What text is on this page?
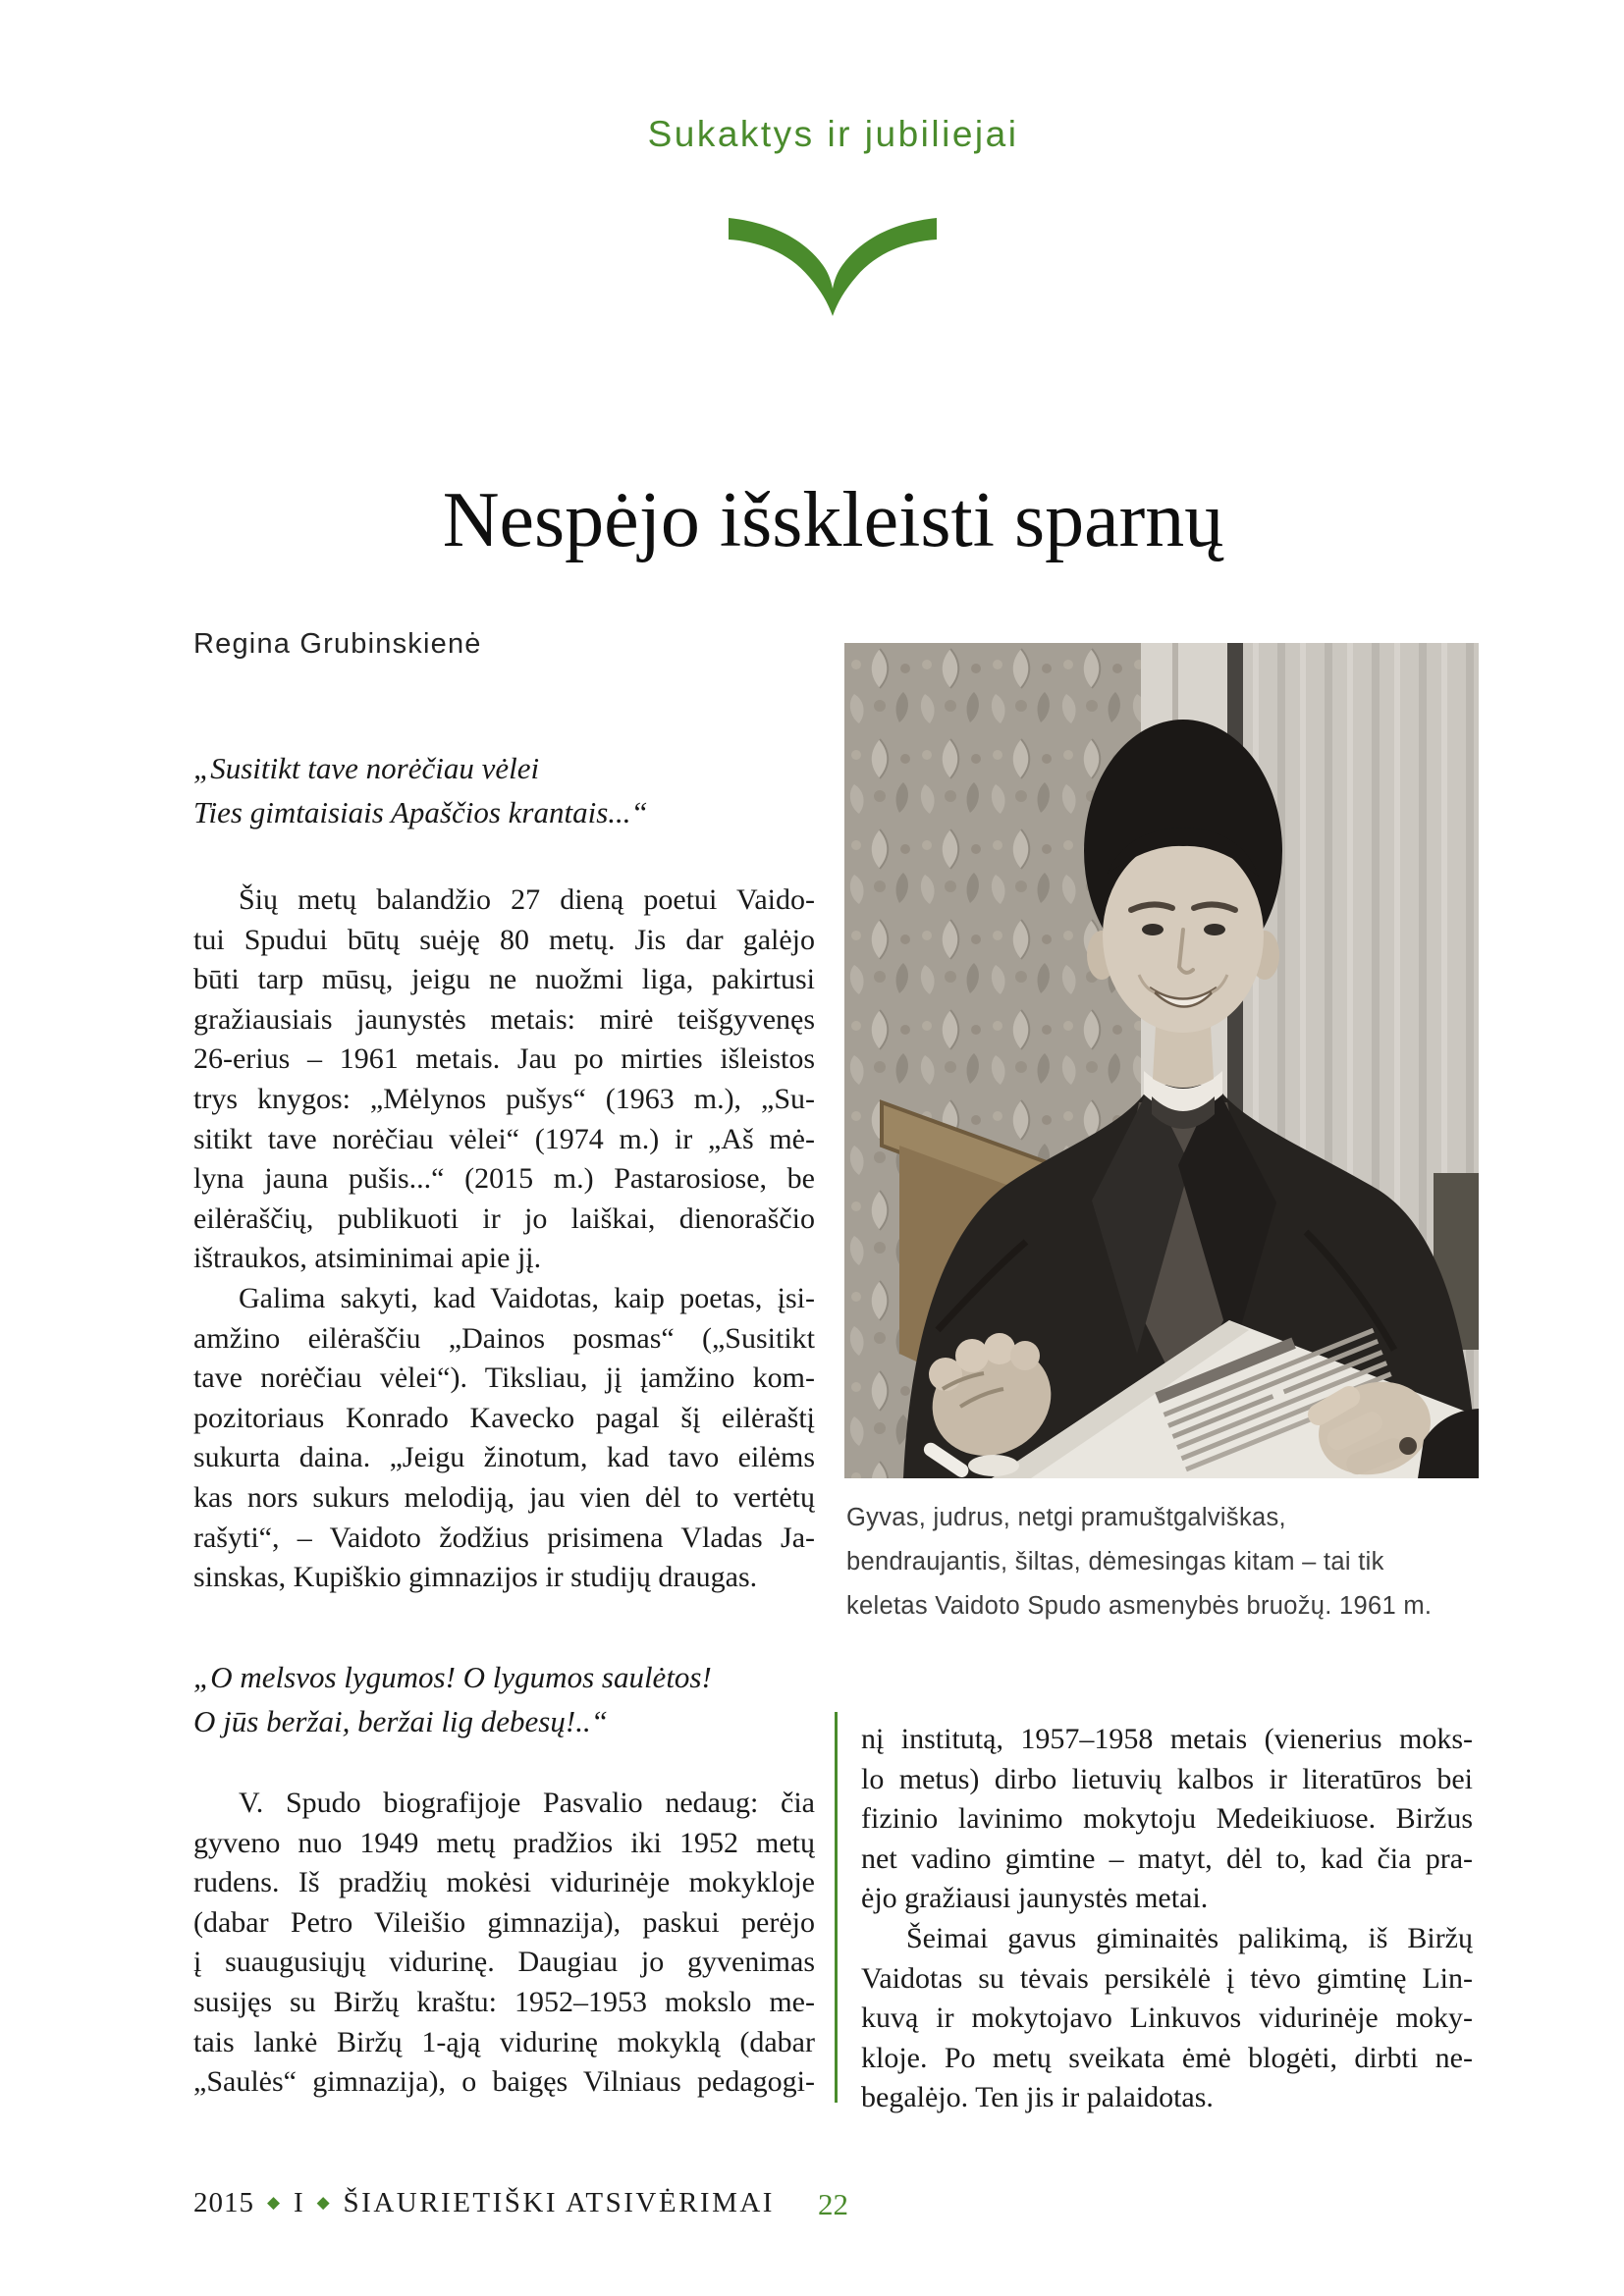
Sukaktys ir jubiliejai
Nespėjo išskleisti sparnų
Regina Grubinskienė
„Susitikt tave norėčiau vėlei
Ties gimtaisiais Apaščios krantais...“
Šių metų balandžio 27 dieną poetui Vaido-
tui Spudui būtų suėję 80 metų. Jis dar galėjo
būti tarp mūsų, jeigu ne nuožmi liga, pakirtusi
gražiausiais jaunystės metais: mirė teišgyvenęs
26-erius – 1961 metais. Jau po mirties išleistos
trys knygos: „Mėlynos pušys“ (1963 m.), „Su-
sitikt tave norėčiau vėlei“ (1974 m.) ir „Aš mė-
lyna jauna pušis...“ (2015 m.) Pastarosiose, be
eilėraščių, publikuoti ir jo laiškai, dienoraščio
ištraukos, atsiminimai apie jį.
Galima sakyti, kad Vaidotas, kaip poetas, įsi-
amžino eilėraščiu „Dainos posmas“ („Susitikt
tave norėčiau vėlei“). Tiksliau, jį įamžino kom-
pozitoriaus Konrado Kavecko pagal šį eilėraštį
sukurta daina. „Jeigu žinotum, kad tavo eilėms
kas nors sukurs melodiją, jau vien dėl to vertėtų
rašyti“, – Vaidoto žodžius prisimena Vladas Ja-
sinskas, Kupiškio gimnazijos ir studijų draugas.
„O melsvos lygumos! O lygumos saulėtos!
O jūs beržai, beržai lig debesų!..“
V. Spudo biografijoje Pasvalio nedaug: čia
gyveno nuo 1949 metų pradžios iki 1952 metų
rudens. Iš pradžių mokėsi vidurinėje mokykloje
(dabar Petro Vileišio gimnazija), paskui perėjo
į suaugusiųjų vidurinę. Daugiau jo gyvenimas
susijęs su Biržų kraštu: 1952–1953 mokslo me-
tais lankė Biržų 1-ąją vidurinę mokyklą (dabar
„Saulės“ gimnazija), o baigęs Vilniaus pedagogi-
Gyvas, judrus, netgi pramuštgalviškas,
bendraujantis, šiltas, dėmesingas kitam – tai tik
keletas Vaidoto Spudo asmenybės bruožų. 1961 m.
nį institutą, 1957–1958 metais (vienerius moks-
lo metus) dirbo lietuvių kalbos ir literatūros bei
fizinio lavinimo mokytoju Medeikiuose. Biržus
net vadino gimtine – matyt, dėl to, kad čia pra-
ėjo gražiausi jaunystės metai.
Šeimai gavus giminaitės palikimą, iš Biržų
Vaidotas su tėvais persikėlė į tėvo gimtinę Lin-
kuvą ir mokytojavo Linkuvos vidurinėje moky-
kloje. Po metų sveikata ėmė blogėti, dirbti ne-
begalėjo. Ten jis ir palaidotas.
2015 ◆ I ◆ ŠIAURIETIŠKI ATSIVĖRIMAI	22
